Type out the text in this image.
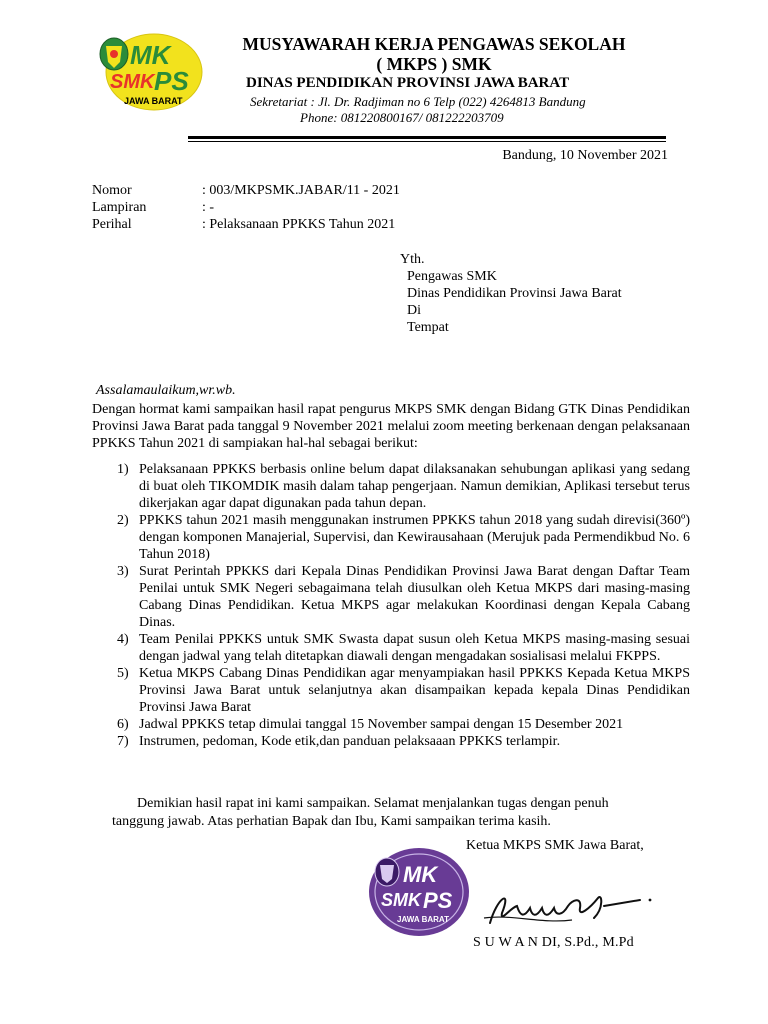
MK
SMK PS
JAWA BARAT
MUSYAWARAH KERJA PENGAWAS SEKOLAH
( MKPS ) SMK
DINAS PENDIDIKAN PROVINSI JAWA BARAT
Sekretariat : Jl. Dr. Radjiman no 6 Telp (022) 4264813 Bandung
Phone: 081220800167/ 081222203709
Bandung, 10 November 2021
Nomor	: 003/MKPSMK.JABAR/11 - 2021
Lampiran	: -
Perihal	: Pelaksanaan PPKKS Tahun 2021
Yth.
Pengawas SMK
Dinas Pendidikan Provinsi Jawa Barat
Di
Tempat
Assalamaulaikum,wr.wb.
Dengan hormat kami sampaikan hasil rapat pengurus MKPS SMK dengan Bidang GTK Dinas Pendidikan Provinsi Jawa Barat pada tanggal 9 November 2021 melalui zoom meeting berkenaan dengan pelaksanaan PPKKS Tahun 2021 di sampiakan hal-hal sebagai berikut:
1) Pelaksanaan PPKKS berbasis online belum dapat dilaksanakan sehubungan aplikasi yang sedang di buat oleh TIKOMDIK masih dalam tahap pengerjaan. Namun demikian, Aplikasi tersebut terus dikerjakan agar dapat digunakan pada tahun depan.
2) PPKKS tahun 2021 masih menggunakan instrumen PPKKS tahun 2018 yang sudah direvisi(360º) dengan komponen Manajerial, Supervisi, dan Kewirausahaan (Merujuk pada Permendikbud No. 6 Tahun 2018)
3) Surat Perintah PPKKS dari Kepala Dinas Pendidikan Provinsi Jawa Barat dengan Daftar Team Penilai untuk SMK Negeri sebagaimana telah diusulkan oleh Ketua MKPS dari masing-masing Cabang Dinas Pendidikan. Ketua MKPS agar melakukan Koordinasi dengan Kepala Cabang Dinas.
4) Team Penilai PPKKS untuk SMK Swasta dapat susun oleh Ketua MKPS masing-masing sesuai dengan jadwal yang telah ditetapkan diawali dengan mengadakan sosialisasi melalui FKPPS.
5) Ketua MKPS Cabang Dinas Pendidikan agar menyampiakan hasil PPKKS Kepada Ketua MKPS Provinsi Jawa Barat untuk selanjutnya akan disampaikan kepada kepala Dinas Pendidikan Provinsi Jawa Barat
6) Jadwal PPKKS tetap dimulai tanggal 15 November sampai dengan 15 Desember 2021
7) Instrumen, pedoman, Kode etik,dan panduan pelaksaaan PPKKS terlampir.
Demikian hasil rapat ini kami sampaikan. Selamat menjalankan tugas dengan penuh
tanggung jawab. Atas perhatian Bapak dan Ibu, Kami sampaikan terima kasih.
Ketua MKPS SMK Jawa Barat,
MK
SMK PS
JAWA BARAT
S U W A N DI, S.Pd., M.Pd
